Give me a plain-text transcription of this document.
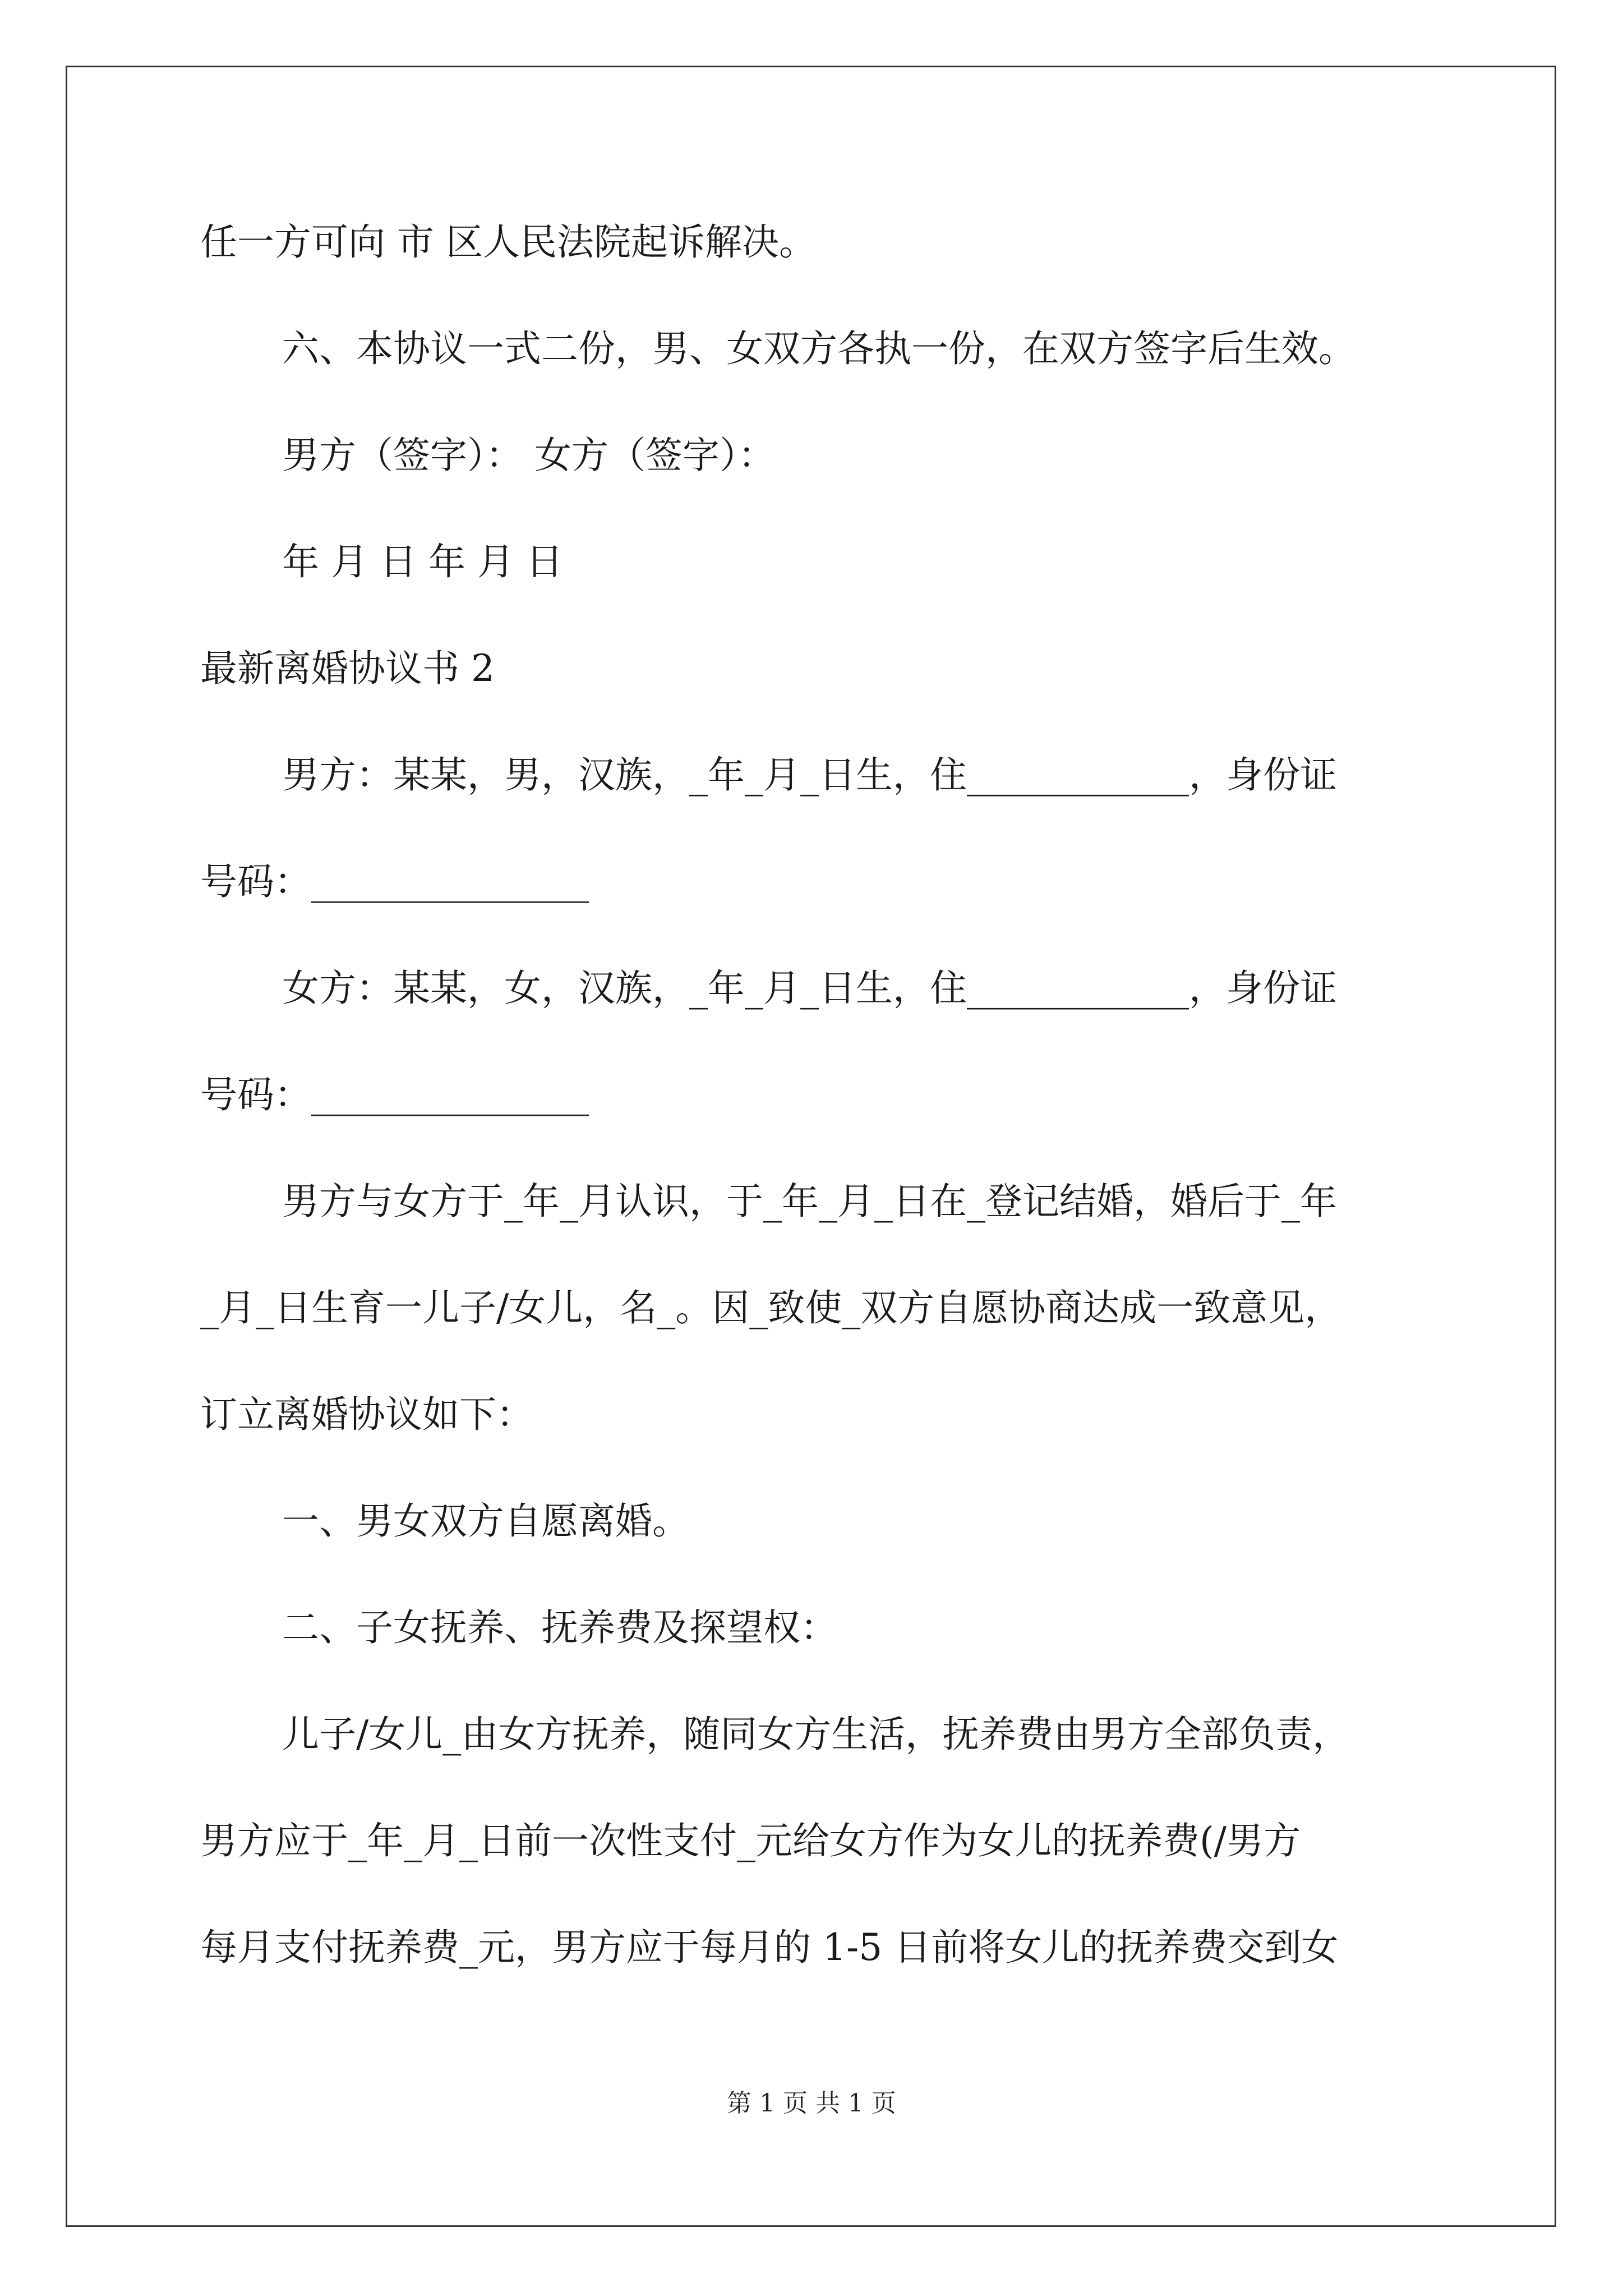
任一方可向 市 区人民法院起诉解决。
六、本协议一式二份，男、女双方各执一份，在双方签字后生效。
男方（签字）： 女方（签字）：
年 月 日 年 月 日
最新离婚协议书 2
男方：某某，男，汉族，_年_月_日生，住____________，身份证
号码：_______________
女方：某某，女，汉族，_年_月_日生，住____________，身份证
号码：_______________
男方与女方于_年_月认识，于_年_月_日在_登记结婚，婚后于_年
_月_日生育一儿子/女儿，名_。因_致使_双方自愿协商达成一致意见，
订立离婚协议如下：
一、男女双方自愿离婚。
二、子女抚养、抚养费及探望权：
儿子/女儿_由女方抚养，随同女方生活，抚养费由男方全部负责，
男方应于_年_月_日前一次性支付_元给女方作为女儿的抚养费(/男方
每月支付抚养费_元，男方应于每月的 1-5 日前将女儿的抚养费交到女
第 1 页 共 1 页
